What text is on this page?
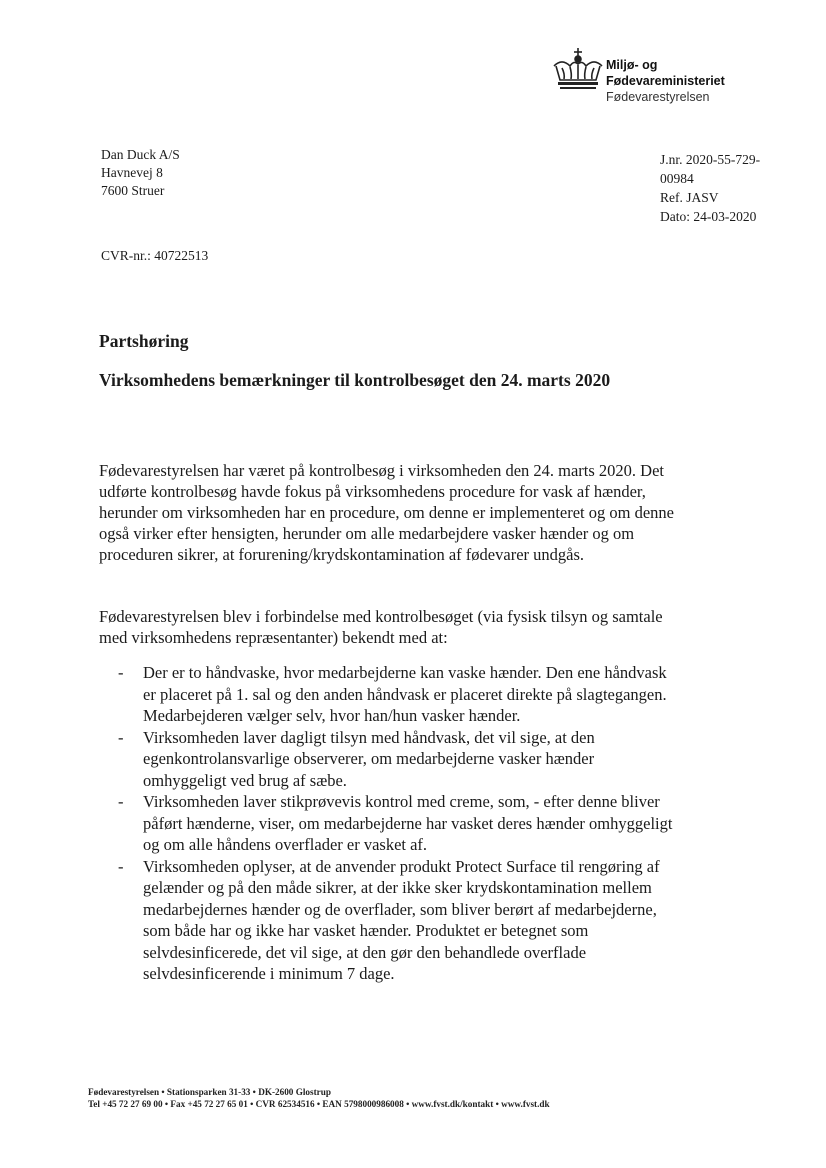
Miljø- og
Fødevareministeriet
Fødevarestyrelsen
Dan Duck A/S
Havnevej 8
7600 Struer
J.nr. 2020-55-729-
00984
Ref. JASV
Dato: 24-03-2020
CVR-nr.: 40722513
Partshøring
Virksomhedens bemærkninger til kontrolbesøget den 24. marts 2020

Fødevarestyrelsen har været på kontrolbesøg i virksomheden den 24. marts 2020. Det udførte kontrolbesøg havde fokus på virksomhedens procedure for vask af hænder, herunder om virksomheden har en procedure, om denne er implementeret og om denne også virker efter hensigten, herunder om alle medarbejdere vasker hænder og om proceduren sikrer, at forurening/krydskontamination af fødevarer undgås.

Fødevarestyrelsen blev i forbindelse med kontrolbesøget (via fysisk tilsyn og samtale med virksomhedens repræsentanter) bekendt med at:

- Der er to håndvaske, hvor medarbejderne kan vaske hænder. Den ene håndvask er placeret på 1. sal og den anden håndvask er placeret direkte på slagtegangen. Medarbejderen vælger selv, hvor han/hun vasker hænder.
- Virksomheden laver dagligt tilsyn med håndvask, det vil sige, at den egenkontrolansvarlige observerer, om medarbejderne vasker hænder omhyggeligt ved brug af sæbe.
- Virksomheden laver stikprøvevis kontrol med creme, som, - efter denne bliver påført hænderne, viser, om medarbejderne har vasket deres hænder omhyggeligt og om alle håndens overflader er vasket af.
- Virksomheden oplyser, at de anvender produkt Protect Surface til rengøring af gelænder og på den måde sikrer, at der ikke sker krydskontamination mellem medarbejdernes hænder og de overflader, som bliver berørt af medarbejderne, som både har og ikke har vasket hænder. Produktet er betegnet som selvdesinficerede, det vil sige, at den gør den behandlede overflade selvdesinficerende i minimum 7 dage.
Fødevarestyrelsen • Stationsparken 31-33 • DK-2600 Glostrup
Tel +45 72 27 69 00 • Fax +45 72 27 65 01 • CVR 62534516 • EAN 5798000986008 • www.fvst.dk/kontakt • www.fvst.dk
